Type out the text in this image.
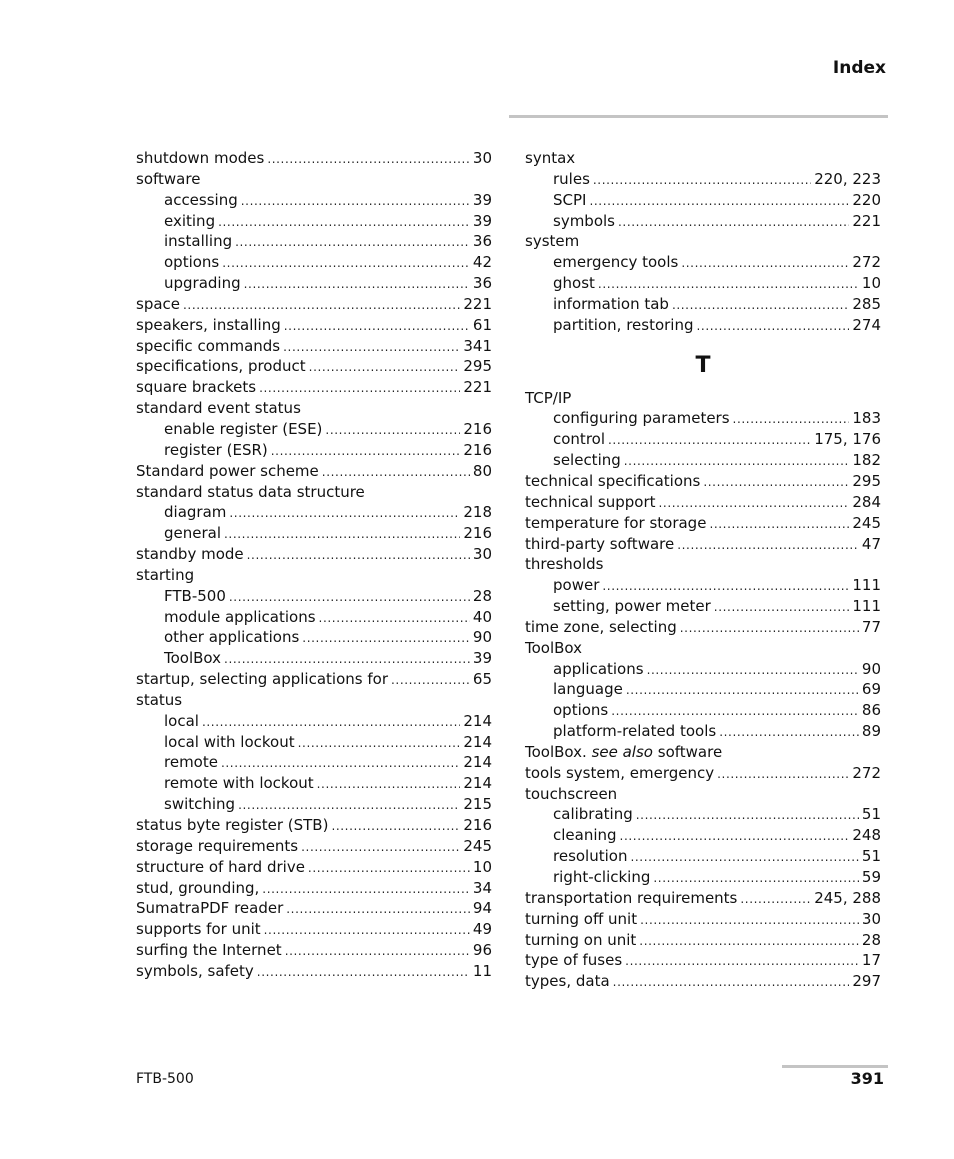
Index
shutdown modes .....	30
software
accessing .....	39
exiting .....	39
installing .....	36
options .....	42
upgrading .....	36
space .....	221
speakers, installing .....	61
specific commands .....	341
specifications, product .....	295
square brackets .....	221
standard event status
enable register (ESE) .....	216
register (ESR) .....	216
Standard power scheme .....	80
standard status data structure
diagram .....	218
general .....	216
standby mode .....	30
starting
FTB-500 .....	28
module applications .....	40
other applications .....	90
ToolBox .....	39
startup, selecting applications for .....	65
status
local .....	214
local with lockout .....	214
remote .....	214
remote with lockout .....	214
switching .....	215
status byte register (STB) .....	216
storage requirements .....	245
structure of hard drive .....	10
stud, grounding, .....	34
SumatraPDF reader .....	94
supports for unit .....	49
surfing the Internet .....	96
symbols, safety .....	11
syntax
rules .....	220, 223
SCPI .....	220
symbols .....	221
system
emergency tools .....	272
ghost .....	10
information tab .....	285
partition, restoring .....	274
T
TCP/IP
configuring parameters .....	183
control .....	175, 176
selecting .....	182
technical specifications .....	295
technical support .....	284
temperature for storage .....	245
third-party software .....	47
thresholds
power .....	111
setting, power meter .....	111
time zone, selecting .....	77
ToolBox
applications .....	90
language .....	69
options .....	86
platform-related tools .....	89
ToolBox. see also software
tools system, emergency .....	272
touchscreen
calibrating .....	51
cleaning .....	248
resolution .....	51
right-clicking .....	59
transportation requirements .....	245, 288
turning off unit .....	30
turning on unit .....	28
type of fuses .....	17
types, data .....	297
FTB-500	391
